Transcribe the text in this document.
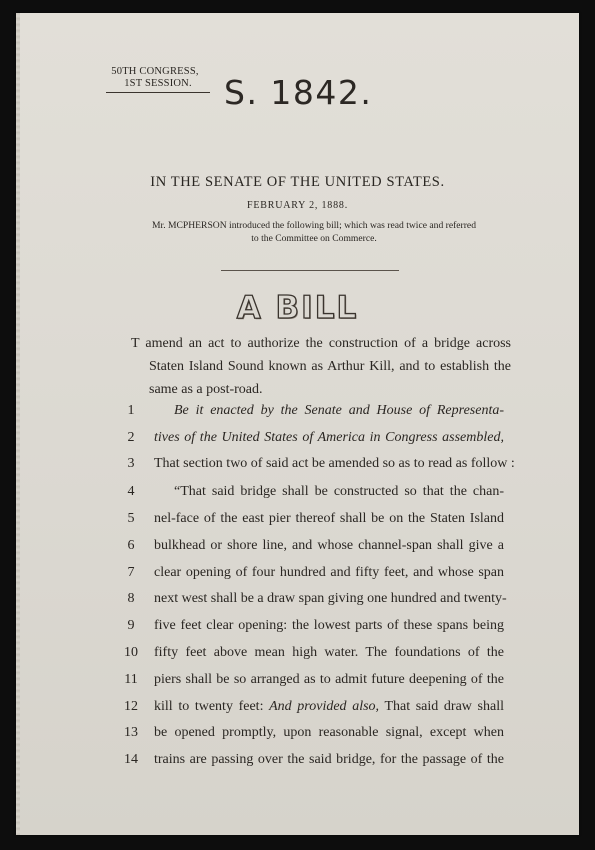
50TH CONGRESS,

1ST SESSION. S. 1842.
IN THE SENATE OF THE UNITED STATES.
FEBRUARY 2, 1888.
Mr. MCPHERSON introduced the following bill; which was read twice and referred
to the Committee on Commerce.
A BILL
T amend an act to authorize the construction of a bridge across
Staten Island Sound known as Arthur Kill, and to establish the
same as a post-road.
1	Be it enacted by the Senate and House of Representa-
2	tives of the United States of America in Congress assembled,
3	That section two of said act be amended so as to read as follow :
4	“That said bridge shall be constructed so that the chan-
5	nel-face of the east pier thereof shall be on the Staten Island
6	bulkhead or shore line, and whose channel-span shall give a
7	clear opening of four hundred and fifty feet, and whose span
8	next west shall be a draw span giving one hundred and twenty-
9	five feet clear opening: the lowest parts of these spans being
10	fifty feet above mean high water. The foundations of the
11	piers shall be so arranged as to admit future deepening of the
12	kill to twenty feet: And provided also, That said draw shall
13	be opened promptly, upon reasonable signal, except when
14	trains are passing over the said bridge, for the passage of the
